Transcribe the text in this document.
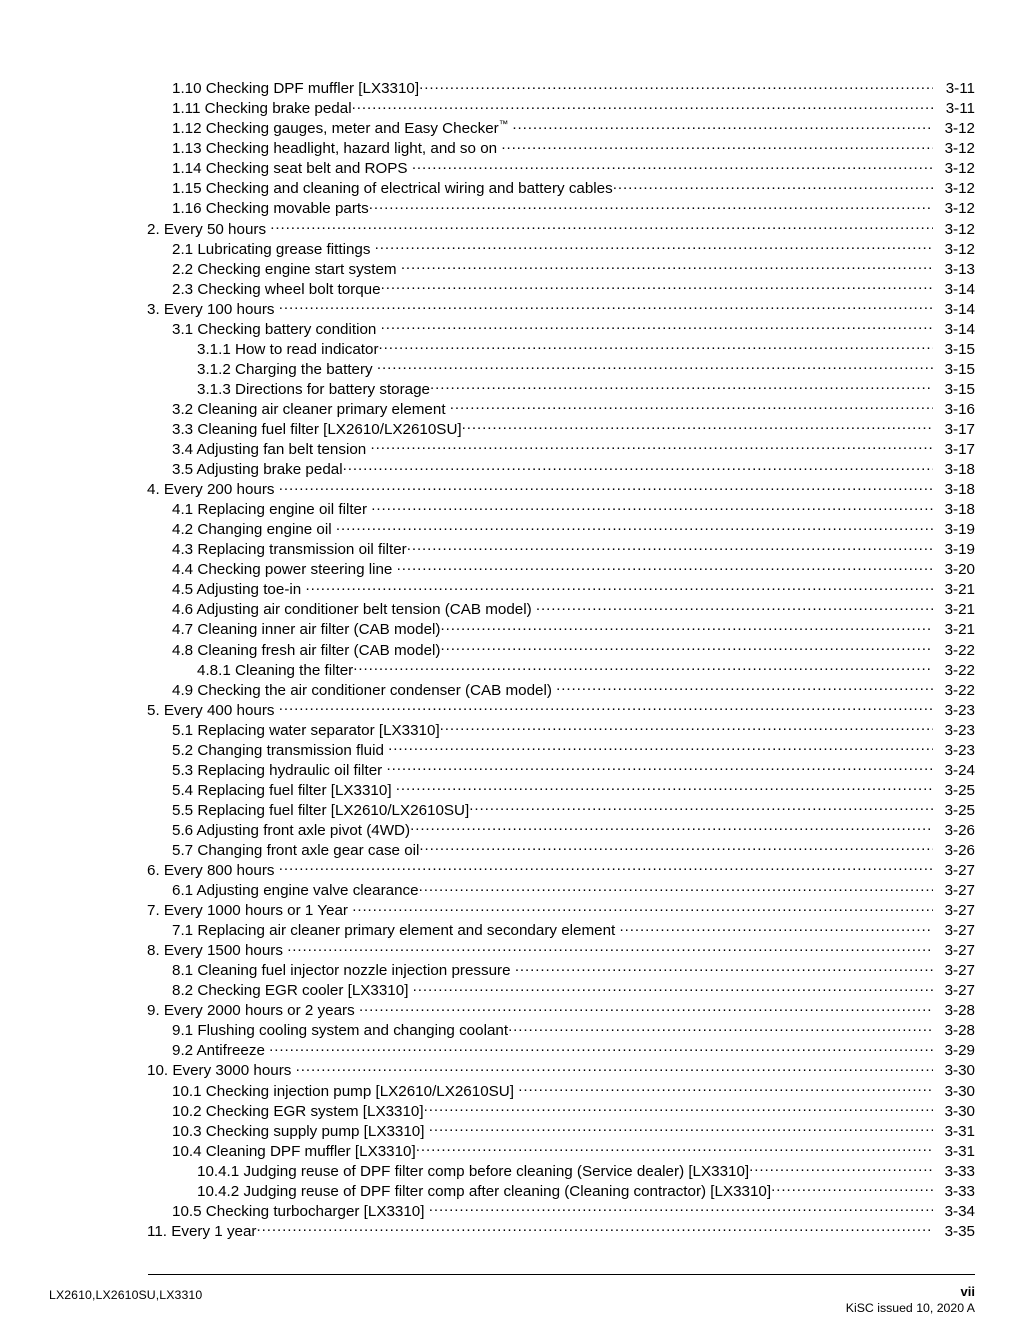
1.10 Checking DPF muffler [LX3310] .....	3-11
1.11 Checking brake pedal .....	3-11
1.12 Checking gauges, meter and Easy Checker™ .....	3-12
1.13 Checking headlight, hazard light, and so on .....	3-12
1.14 Checking seat belt and ROPS .....	3-12
1.15 Checking and cleaning of electrical wiring and battery cables .....	3-12
1.16 Checking movable parts .....	3-12
2. Every 50 hours .....	3-12
2.1 Lubricating grease fittings .....	3-12
2.2 Checking engine start system .....	3-13
2.3 Checking wheel bolt torque .....	3-14
3. Every 100 hours .....	3-14
3.1 Checking battery condition .....	3-14
3.1.1 How to read indicator .....	3-15
3.1.2 Charging the battery .....	3-15
3.1.3 Directions for battery storage .....	3-15
3.2 Cleaning air cleaner primary element .....	3-16
3.3 Cleaning fuel filter [LX2610/LX2610SU] .....	3-17
3.4 Adjusting fan belt tension .....	3-17
3.5 Adjusting brake pedal .....	3-18
4. Every 200 hours .....	3-18
4.1 Replacing engine oil filter .....	3-18
4.2 Changing engine oil .....	3-19
4.3 Replacing transmission oil filter .....	3-19
4.4 Checking power steering line .....	3-20
4.5 Adjusting toe-in .....	3-21
4.6 Adjusting air conditioner belt tension (CAB model) .....	3-21
4.7 Cleaning inner air filter (CAB model) .....	3-21
4.8 Cleaning fresh air filter (CAB model) .....	3-22
4.8.1 Cleaning the filter .....	3-22
4.9 Checking the air conditioner condenser (CAB model) .....	3-22
5. Every 400 hours .....	3-23
5.1 Replacing water separator [LX3310] .....	3-23
5.2 Changing transmission fluid .....	3-23
5.3 Replacing hydraulic oil filter .....	3-24
5.4 Replacing fuel filter [LX3310] .....	3-25
5.5 Replacing fuel filter [LX2610/LX2610SU] .....	3-25
5.6 Adjusting front axle pivot (4WD) .....	3-26
5.7 Changing front axle gear case oil .....	3-26
6. Every 800 hours .....	3-27
6.1 Adjusting engine valve clearance .....	3-27
7. Every 1000 hours or 1 Year .....	3-27
7.1 Replacing air cleaner primary element and secondary element .....	3-27
8. Every 1500 hours .....	3-27
8.1 Cleaning fuel injector nozzle injection pressure .....	3-27
8.2 Checking EGR cooler [LX3310] .....	3-27
9. Every 2000 hours or 2 years .....	3-28
9.1 Flushing cooling system and changing coolant .....	3-28
9.2 Antifreeze .....	3-29
10. Every 3000 hours .....	3-30
10.1 Checking injection pump [LX2610/LX2610SU] .....	3-30
10.2 Checking EGR system [LX3310] .....	3-30
10.3 Checking supply pump [LX3310] .....	3-31
10.4 Cleaning DPF muffler [LX3310] .....	3-31
10.4.1 Judging reuse of DPF filter comp before cleaning (Service dealer) [LX3310] .....	3-33
10.4.2 Judging reuse of DPF filter comp after cleaning (Cleaning contractor) [LX3310] .....	3-33
10.5 Checking turbocharger [LX3310] .....	3-34
11. Every 1 year .....	3-35
LX2610,LX2610SU,LX3310	vii
KiSC issued 10, 2020 A
